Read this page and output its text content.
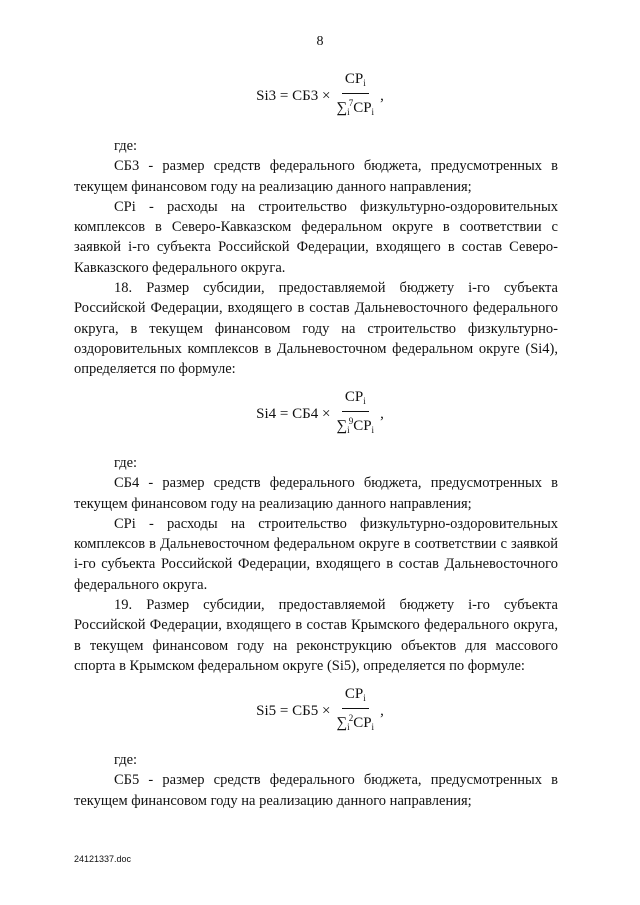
8
$Si3 = СБ3 \times \frac{CP_i}{\sum_i^7CP_i}$ ,

где:

СБ3 - размер средств федерального бюджета, предусмотренных в текущем финансовом году на реализацию данного направления;

CPi - расходы на строительство физкультурно-оздоровительных комплексов в Северо-Кавказском федеральном округе в соответствии с заявкой i-го субъекта Российской Федерации, входящего в состав Северо-Кавказского федерального округа.

18. Размер субсидии, предоставляемой бюджету i-го субъекта Российской Федерации, входящего в состав Дальневосточного федерального округа, в текущем финансовом году на строительство физкультурно-оздоровительных комплексов в Дальневосточном федеральном округе (Si4), определяется по формуле:

$Si4 = СБ4 \times \frac{CP_i}{\sum_i^9CP_i}$ ,

где:

СБ4 - размер средств федерального бюджета, предусмотренных в текущем финансовом году на реализацию данного направления;

CPi - расходы на строительство физкультурно-оздоровительных комплексов в Дальневосточном федеральном округе в соответствии с заявкой i-го субъекта Российской Федерации, входящего в состав Дальневосточного федерального округа.

19. Размер субсидии, предоставляемой бюджету i-го субъекта Российской Федерации, входящего в состав Крымского федерального округа, в текущем финансовом году на реконструкцию объектов для массового спорта в Крымском федеральном округе (Si5), определяется по формуле:

$Si5 = СБ5 \times \frac{CP_i}{\sum_i^2CP_i}$ ,

где:

СБ5 - размер средств федерального бюджета, предусмотренных в текущем финансовом году на реализацию данного направления;

24121337.doc
